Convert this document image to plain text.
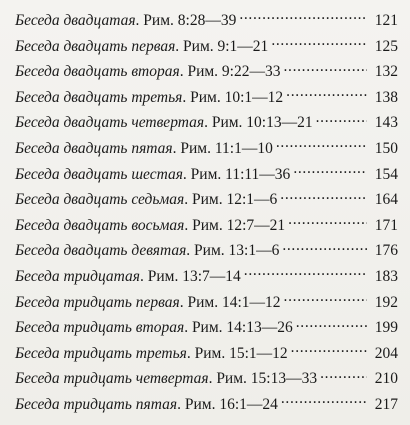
Беседа двадцатая . Рим. 8:28—39 . . .	121
Беседа двадцать первая . Рим. 9:1—21 . . .	125
Беседа двадцать вторая . Рим. 9:22—33 . . .	132
Беседа двадцать третья . Рим. 10:1—12 . . .	138
Беседа двадцать четвертая . Рим. 10:13—21 . . .	143
Беседа двадцать пятая . Рим. 11:1—10 . . .	150
Беседа двадцать шестая . Рим. 11:11—36 . . .	154
Беседа двадцать седьмая . Рим. 12:1—6 . . .	164
Беседа двадцать восьмая . Рим. 12:7—21 . . .	171
Беседа двадцать девятая . Рим. 13:1—6 . . .	176
Беседа тридцатая . Рим. 13:7—14 . . .	183
Беседа тридцать первая . Рим. 14:1—12 . . .	192
Беседа тридцать вторая . Рим. 14:13—26 . . .	199
Беседа тридцать третья . Рим. 15:1—12 . . .	204
Беседа тридцать четвертая . Рим. 15:13—33 . . .	210
Беседа тридцать пятая . Рим. 16:1—24 . . .	217
